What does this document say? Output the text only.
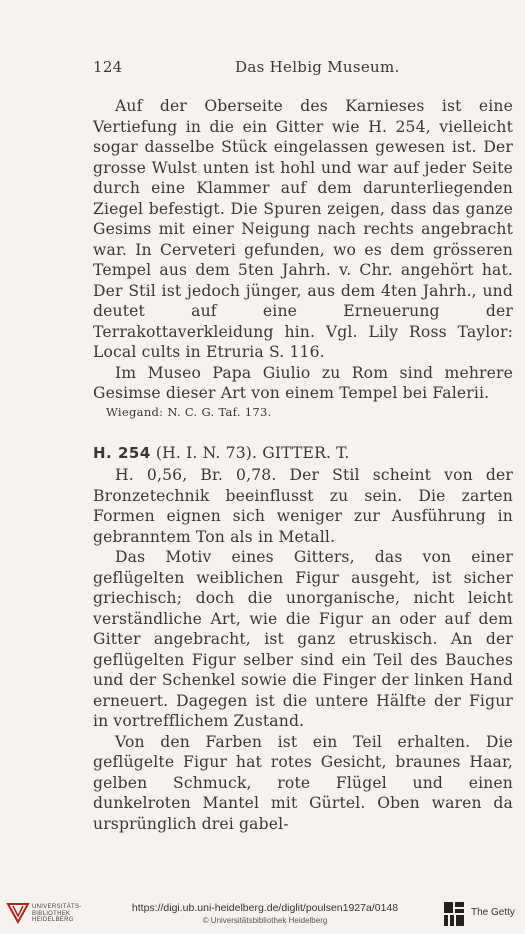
124	Das Helbig Museum.

Auf der Oberseite des Karnieses ist eine Vertiefung in die ein Gitter wie H. 254, vielleicht sogar dasselbe Stück eingelassen gewesen ist. Der grosse Wulst unten ist hohl und war auf jeder Seite durch eine Klammer auf dem darunterliegenden Ziegel befestigt. Die Spuren zeigen, dass das ganze Gesims mit einer Neigung nach rechts angebracht war. In Cerveteri gefunden, wo es dem grösseren Tempel aus dem 5ten Jahrh. v. Chr. angehört hat. Der Stil ist jedoch jünger, aus dem 4ten Jahrh., und deutet auf eine Erneuerung der Terrakottaverkleidung hin. Vgl. Lily Ross Taylor: Local cults in Etruria S. 116.

Im Museo Papa Giulio zu Rom sind mehrere Gesimse dieser Art von einem Tempel bei Falerii.

Wiegand: N. C. G. Taf. 173.
H. 254 (H. I. N. 73). GITTER. T.

H. 0,56, Br. 0,78. Der Stil scheint von der Bronzetechnik beeinflusst zu sein. Die zarten Formen eignen sich weniger zur Ausführung in gebranntem Ton als in Metall.

Das Motiv eines Gitters, das von einer geflügelten weiblichen Figur ausgeht, ist sicher griechisch; doch die unorganische, nicht leicht verständliche Art, wie die Figur an oder auf dem Gitter angebracht, ist ganz etruskisch. An der geflügelten Figur selber sind ein Teil des Bauches und der Schenkel sowie die Finger der linken Hand erneuert. Dagegen ist die untere Hälfte der Figur in vortrefflichem Zustand.

Von den Farben ist ein Teil erhalten. Die geflügelte Figur hat rotes Gesicht, braunes Haar, gelben Schmuck, rote Flügel und einen dunkelroten Mantel mit Gürtel. Oben waren da ursprünglich drei gabel-

UNIVERSITÄTS-
BIBLIOTHEK
HEIDELBERG
https://digi.ub.uni-heidelberg.de/diglit/poulsen1927a/0148
© Universitätsbibliothek Heidelberg
The Getty
